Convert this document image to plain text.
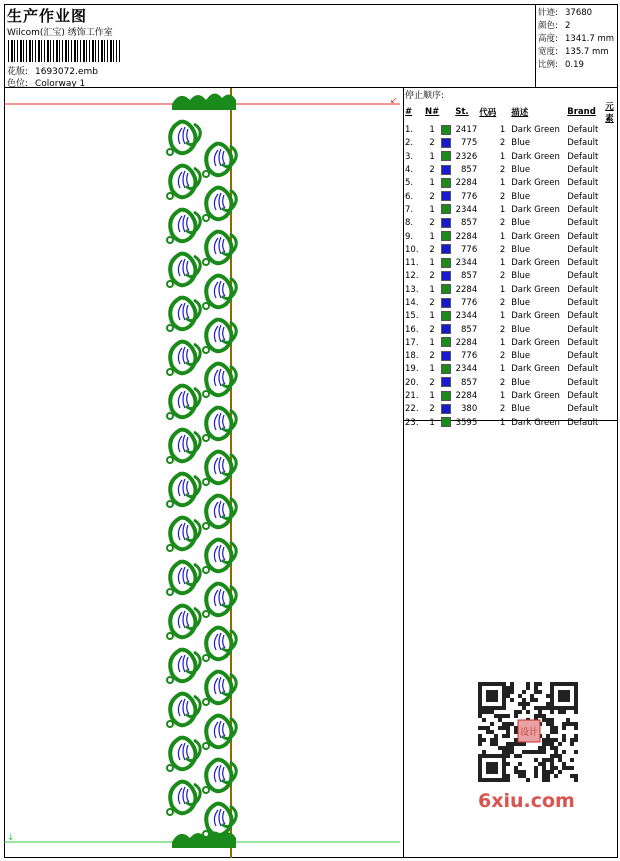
生产作业图
Wilcom(汇宝) 绣饰工作室
花版: 1693072.emb
色位: Colorway 1
针迹: 37680
颜色: 2
高度: 1341.7 mm
宽度: 135.7 mm
比例: 0.19
↙
↓
停止顺序:
#	N#		St.	代码	描述	Brand	元素
1.	1		2417	1	Dark Green	Default	
2.	2		775	2	Blue	Default	
3.	1		2326	1	Dark Green	Default	
4.	2		857	2	Blue	Default	
5.	1		2284	1	Dark Green	Default	
6.	2		776	2	Blue	Default	
7.	1		2344	1	Dark Green	Default	
8.	2		857	2	Blue	Default	
9.	1		2284	1	Dark Green	Default	
10.	2		776	2	Blue	Default	
11.	1		2344	1	Dark Green	Default	
12.	2		857	2	Blue	Default	
13.	1		2284	1	Dark Green	Default	
14.	2		776	2	Blue	Default	
15.	1		2344	1	Dark Green	Default	
16.	2		857	2	Blue	Default	
17.	1		2284	1	Dark Green	Default	
18.	2		776	2	Blue	Default	
19.	1		2344	1	Dark Green	Default	
20.	2		857	2	Blue	Default	
21.	1		2284	1	Dark Green	Default	
22.	2		380	2	Blue	Default	
23.	1		3595	1	Dark Green	Default	
设计
6xiu.com
